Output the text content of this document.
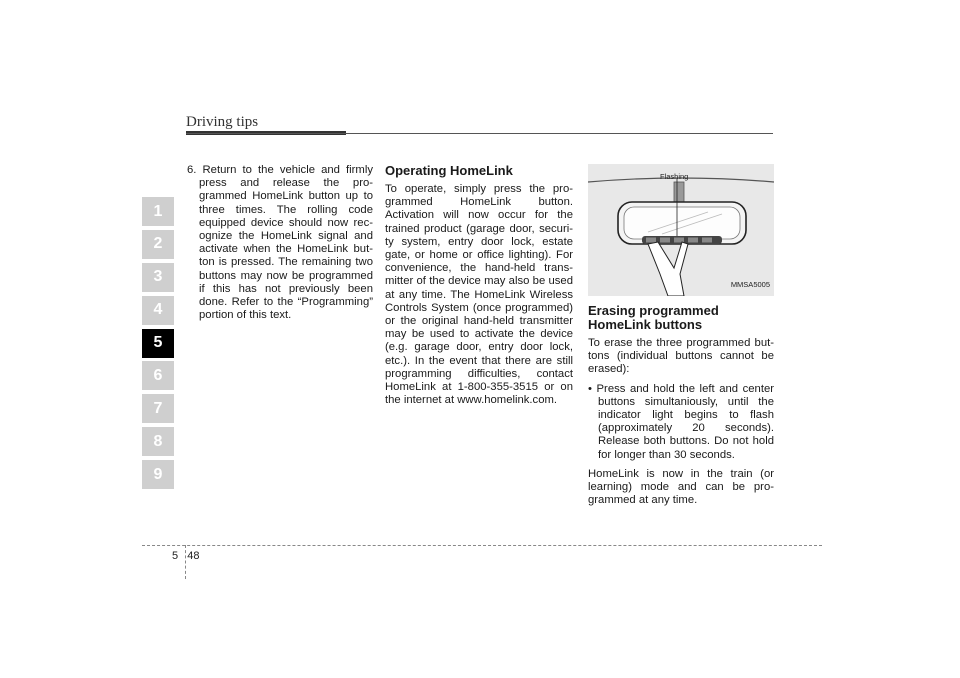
Driving tips
1
2
3
4
5
6
7
8
9
6. Return to the vehicle and firmly press and release the pro-grammed HomeLink button up to three times. The rolling code equipped device should now rec-ognize the HomeLink signal and activate when the HomeLink but-ton is pressed. The remaining two buttons may now be programmed if this has not previously been done. Refer to the “Programming” portion of this text.
Operating HomeLink

To operate, simply press the pro-grammed HomeLink button. Activation will now occur for the trained product (garage door, securi-ty system, entry door lock, estate gate, or home or office lighting). For convenience, the hand-held trans-mitter of the device may also be used at any time. The HomeLink Wireless Controls System (once programmed) or the original hand-held transmitter may be used to activate the device (e.g. garage door, entry door lock, etc.). In the event that there are still programming difficulties, contact HomeLink at 1-800-355-3515 or on the internet at www.homelink.com.

Flashing
MMSA5005
Erasing programmed
HomeLink buttons

To erase the three programmed but-tons (individual buttons cannot be erased):

• Press and hold the left and center buttons simultaniously, until the indicator light begins to flash (approximately 20 seconds). Release both buttons. Do not hold for longer than 30 seconds.

HomeLink is now in the train (or learning) mode and can be pro-grammed at any time.

5 48
